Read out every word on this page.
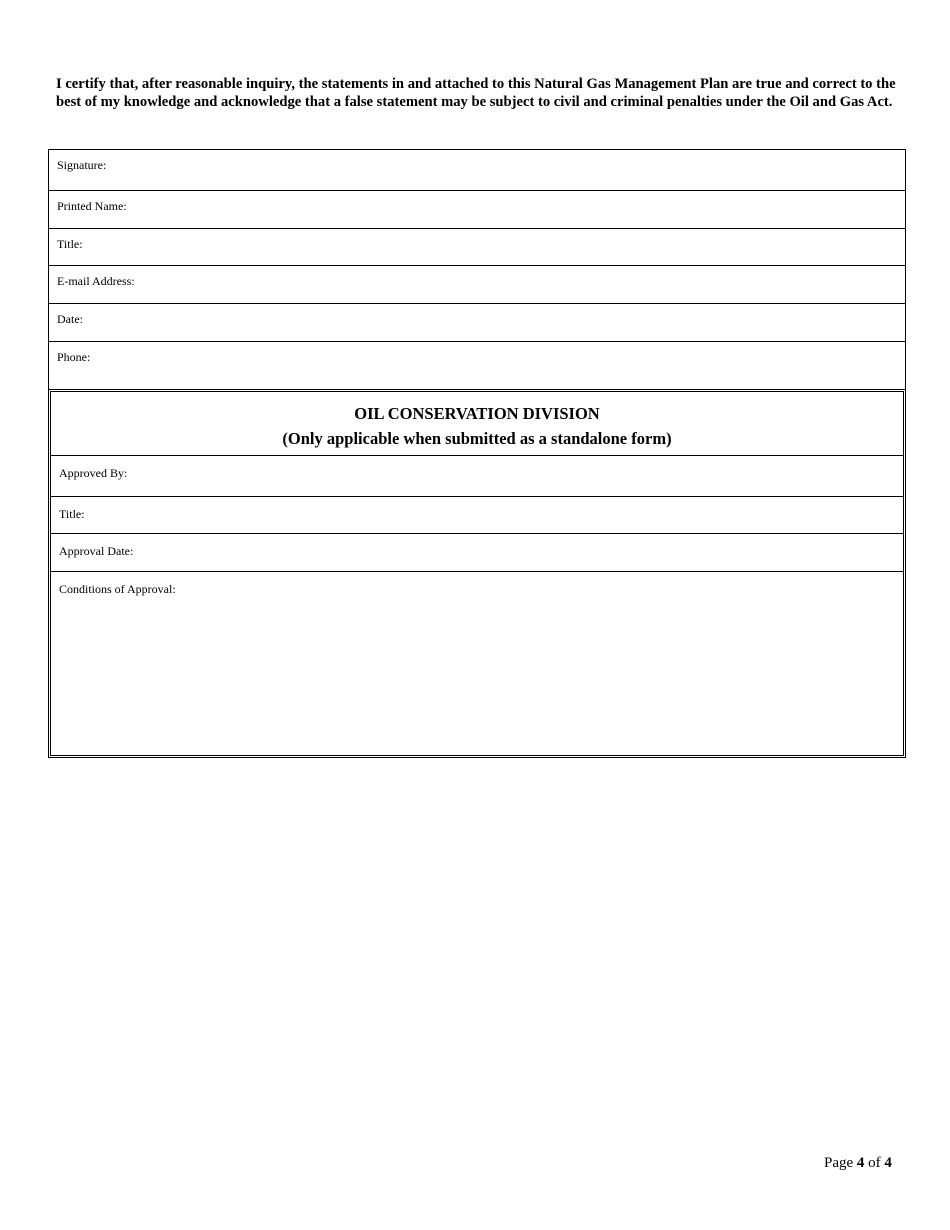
I certify that, after reasonable inquiry, the statements in and attached to this Natural Gas Management Plan are true and correct to the best of my knowledge and acknowledge that a false statement may be subject to civil and criminal penalties under the Oil and Gas Act.
Signature:
Printed Name:
Title:
E-mail Address:
Date:
Phone:
OIL CONSERVATION DIVISION
(Only applicable when submitted as a standalone form)
Approved By:
Title:
Approval Date:
Conditions of Approval:
Page 4 of 4
